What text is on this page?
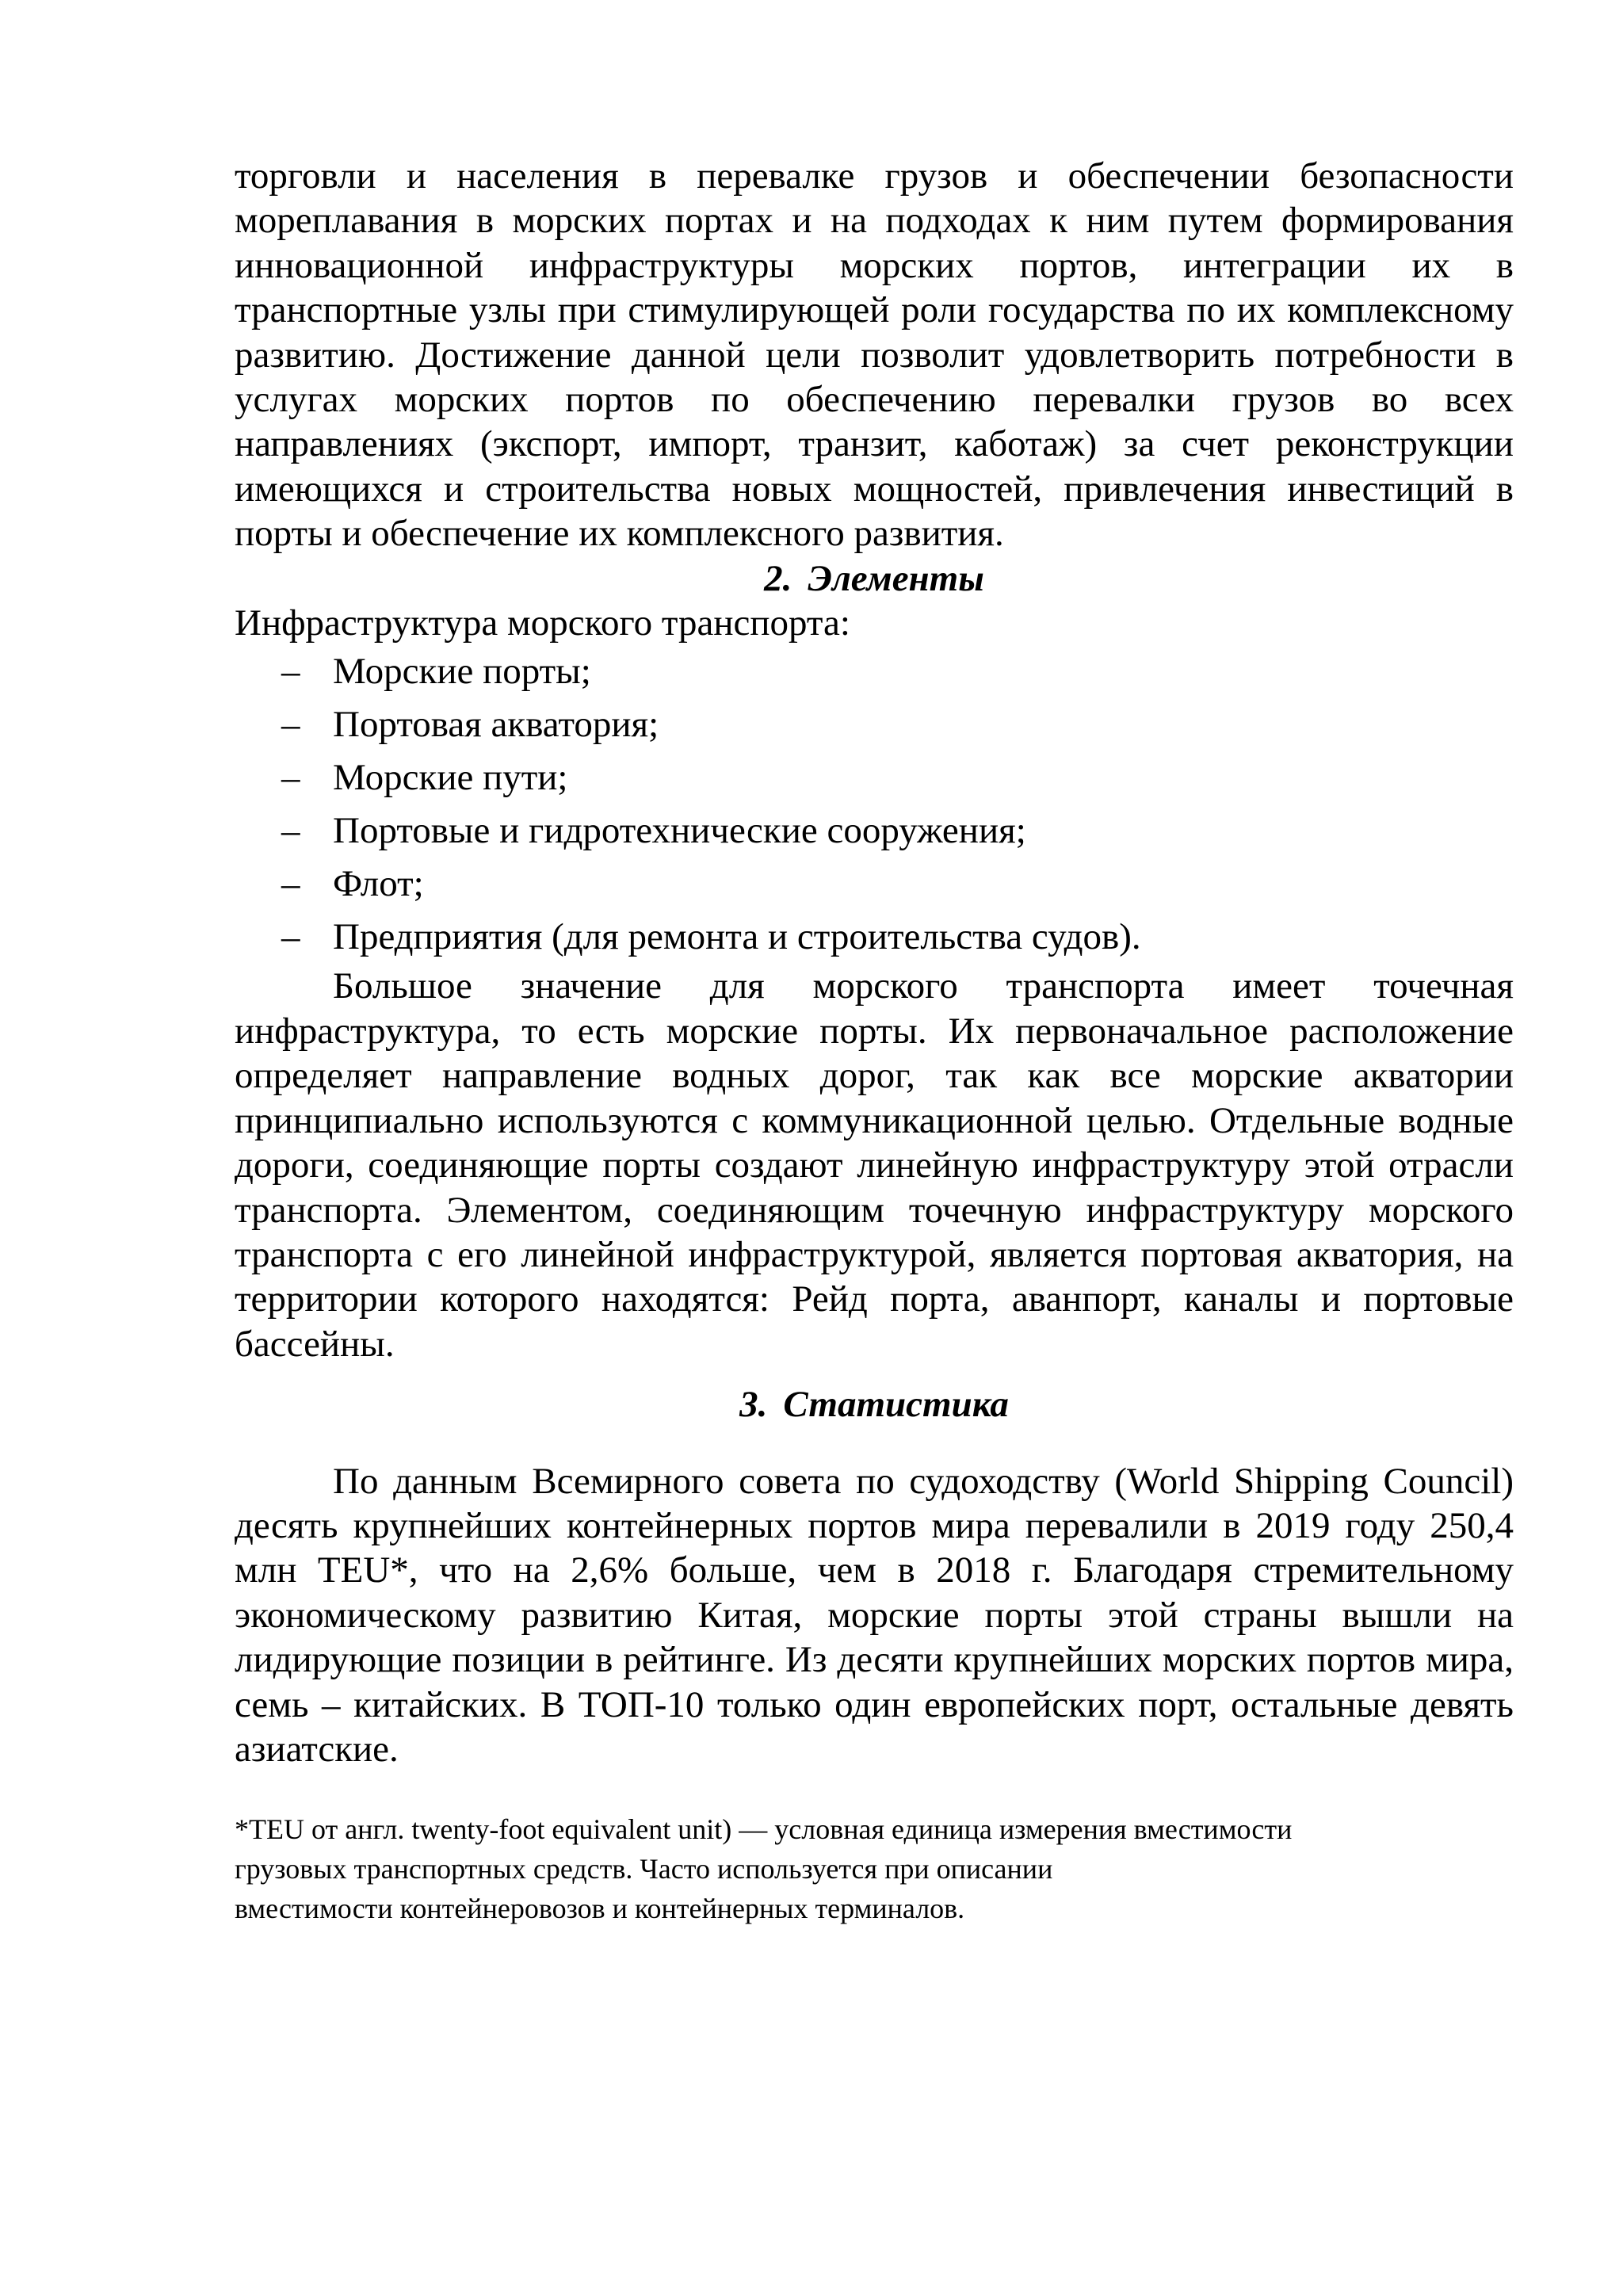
торговли и населения в перевалке грузов и обеспечении безопасности мореплавания в морских портах и на подходах к ним путем формирования инновационной инфраструктуры морских портов, интеграции их в транспортные узлы при стимулирующей роли государства по их комплексному развитию. Достижение данной цели позволит удовлетворить потребности в услугах морских портов по обеспечению перевалки грузов во всех направлениях (экспорт, импорт, транзит, каботаж) за счет реконструкции имеющихся и строительства новых мощностей, привлечения инвестиций в порты и обеспечение их комплексного развития.

2. Элементы

Инфраструктура морского транспорта:

– Морские порты;
– Портовая акватория;
– Морские пути;
– Портовые и гидротехнические сооружения;
– Флот;
– Предприятия (для ремонта и строительства судов).

Большое значение для морского транспорта имеет точечная инфраструктура, то есть морские порты. Их первоначальное расположение определяет направление водных дорог, так как все морские акватории принципиально используются с коммуникационной целью. Отдельные водные дороги, соединяющие порты создают линейную инфраструктуру этой отрасли транспорта. Элементом, соединяющим точечную инфраструктуру морского транспорта с его линейной инфраструктурой, является портовая акватория, на территории которого находятся: Рейд порта, аванпорт, каналы и портовые бассейны.

3. Статистика

По данным Всемирного совета по судоходству (World Shipping Council) десять крупнейших контейнерных портов мира перевалили в 2019 году 250,4 млн TEU*, что на 2,6% больше, чем в 2018 г. Благодаря стремительному экономическому развитию Китая, морские порты этой страны вышли на лидирующие позиции в рейтинге. Из десяти крупнейших морских портов мира, семь – китайских. В ТОП-10 только один европейских порт, остальные девять азиатские.

*TEU от англ. twenty-foot equivalent unit) — условная единица измерения вместимости

грузовых транспортных средств. Часто используется при описании

вместимости контейнеровозов и контейнерных терминалов.
